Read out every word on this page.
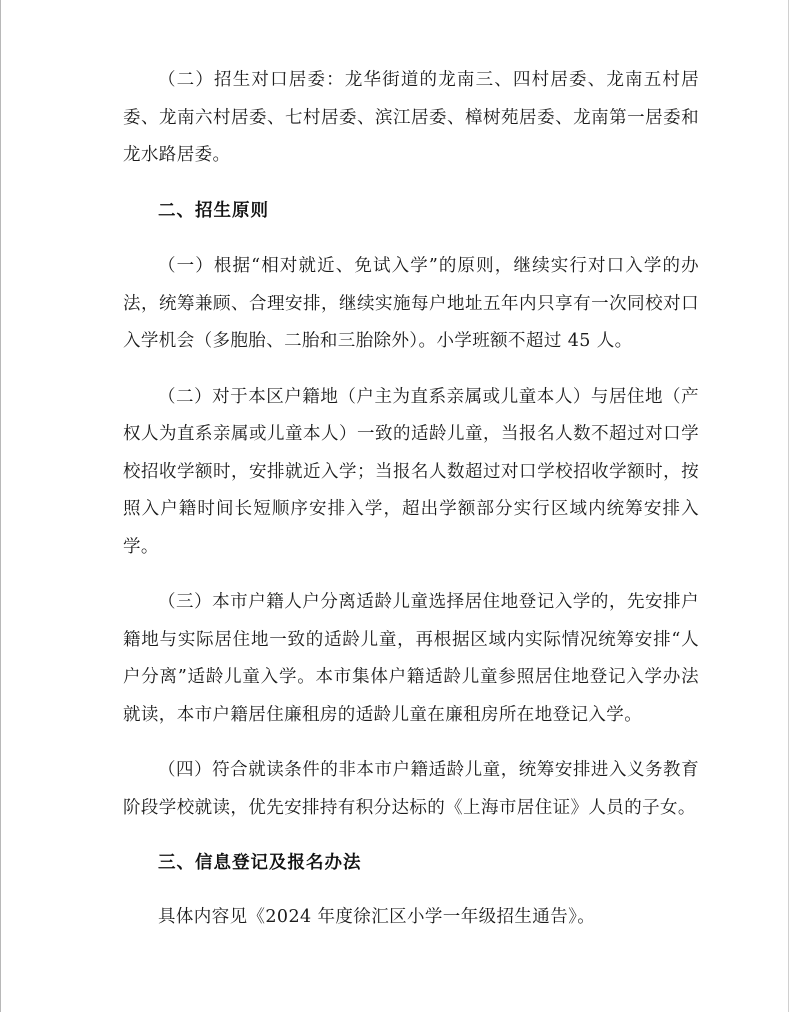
（二）招生对口居委：龙华街道的龙南三、四村居委、龙南五村居委、龙南六村居委、七村居委、滨江居委、樟树苑居委、龙南第一居委和龙水路居委。

二、招生原则

（一）根据“相对就近、免试入学”的原则，继续实行对口入学的办法，统筹兼顾、合理安排，继续实施每户地址五年内只享有一次同校对口入学机会（多胞胎、二胎和三胎除外）。小学班额不超过 45 人。

（二）对于本区户籍地（户主为直系亲属或儿童本人）与居住地（产权人为直系亲属或儿童本人）一致的适龄儿童，当报名人数不超过对口学校招收学额时，安排就近入学；当报名人数超过对口学校招收学额时，按照入户籍时间长短顺序安排入学，超出学额部分实行区域内统筹安排入学。

（三）本市户籍人户分离适龄儿童选择居住地登记入学的，先安排户籍地与实际居住地一致的适龄儿童，再根据区域内实际情况统筹安排“人户分离”适龄儿童入学。本市集体户籍适龄儿童参照居住地登记入学办法就读，本市户籍居住廉租房的适龄儿童在廉租房所在地登记入学。

（四）符合就读条件的非本市户籍适龄儿童，统筹安排进入义务教育阶段学校就读，优先安排持有积分达标的《上海市居住证》人员的子女。

三、信息登记及报名办法

具体内容见《2024 年度徐汇区小学一年级招生通告》。
